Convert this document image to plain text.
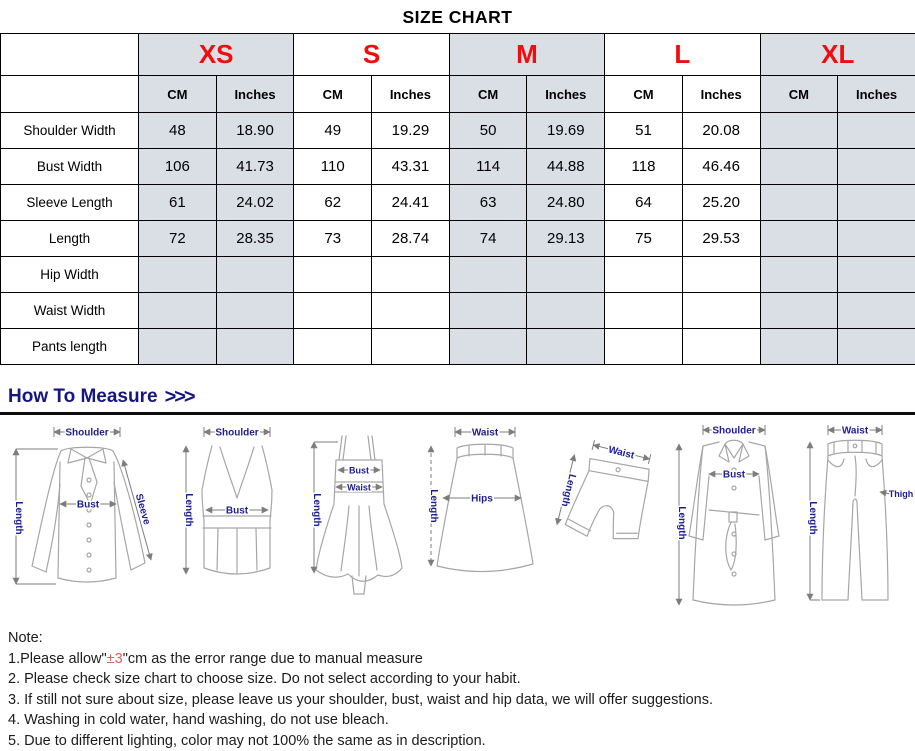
SIZE CHART
	XS		S		M		L		XL	
	CM	Inches	CM	Inches	CM	Inches	CM	Inches	CM	Inches
Shoulder Width	48	18.90	49	19.29	50	19.69	51	20.08		
Bust Width	106	41.73	110	43.31	114	44.88	118	46.46		
Sleeve Length	61	24.02	62	24.41	63	24.80	64	25.20		
Length	72	28.35	73	28.74	74	29.13	75	29.53		
Hip Width										
Waist Width										
Pants length										
How To Measure >>>
Shoulder
Bust
Length	Sleeve
Shoulder
Bust
Length
Bust
Waist
Length
Waist
Hips
Length
Waist
Length
Shoulder
Bust
Length
Waist
Thigh
Length
Note:
1.Please allow"±3"cm as the error range due to manual measure
2. Please check size chart to choose size. Do not select according to your habit.
3. If still not sure about size, please leave us your shoulder, bust, waist and hip data, we will offer suggestions.
4. Washing in cold water, hand washing, do not use bleach.
5. Due to different lighting, color may not 100% the same as in description.
